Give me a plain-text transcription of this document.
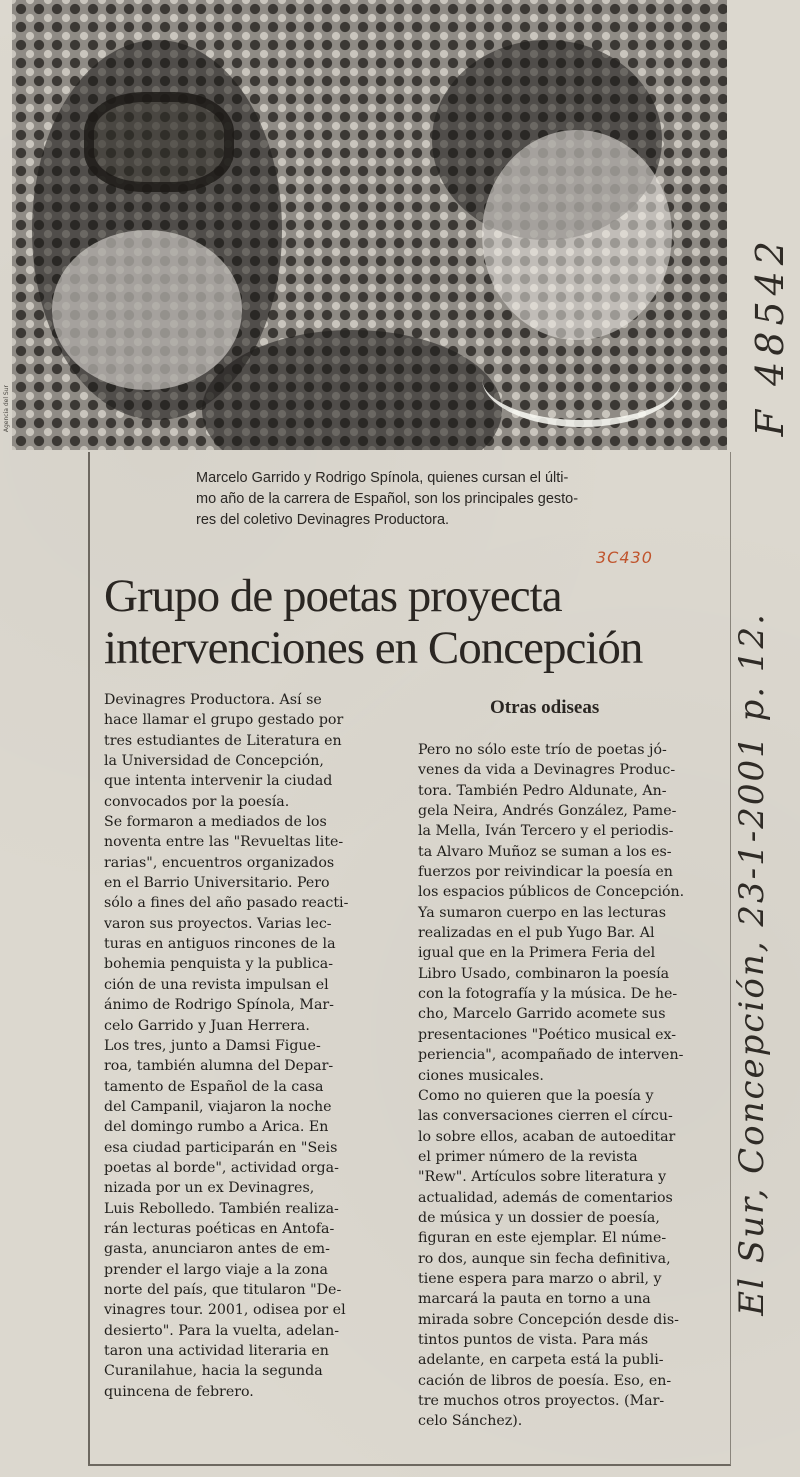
Agencia del Sur
Marcelo Garrido y Rodrigo Spínola, quienes cursan el últi-
mo año de la carrera de Español, son los principales gesto-
res del coletivo Devinagres Productora.
F 48542
El Sur, Concepción, 23-1-2001 p. 12.
3C430
Grupo de poetas proyecta
intervenciones en Concepción
Devinagres Productora. Así se
hace llamar el grupo gestado por
tres estudiantes de Literatura en
la Universidad de Concepción,
que intenta intervenir la ciudad
convocados por la poesía.
Se formaron a mediados de los
noventa entre las "Revueltas lite-
rarias", encuentros organizados
en el Barrio Universitario. Pero
sólo a fines del año pasado reacti-
varon sus proyectos. Varias lec-
turas en antiguos rincones de la
bohemia penquista y la publica-
ción de una revista impulsan el
ánimo de Rodrigo Spínola, Mar-
celo Garrido y Juan Herrera.
Los tres, junto a Damsi Figue-
roa, también alumna del Depar-
tamento de Español de la casa
del Campanil, viajaron la noche
del domingo rumbo a Arica. En
esa ciudad participarán en "Seis
poetas al borde", actividad orga-
nizada por un ex Devinagres,
Luis Rebolledo. También realiza-
rán lecturas poéticas en Antofa-
gasta, anunciaron antes de em-
prender el largo viaje a la zona
norte del país, que titularon "De-
vinagres tour. 2001, odisea por el
desierto". Para la vuelta, adelan-
taron una actividad literaria en
Curanilahue, hacia la segunda
quincena de febrero.
Otras odiseas
Pero no sólo este trío de poetas jó-
venes da vida a Devinagres Produc-
tora. También Pedro Aldunate, An-
gela Neira, Andrés González, Pame-
la Mella, Iván Tercero y el periodis-
ta Alvaro Muñoz se suman a los es-
fuerzos por reivindicar la poesía en
los espacios públicos de Concepción.
Ya sumaron cuerpo en las lecturas
realizadas en el pub Yugo Bar. Al
igual que en la Primera Feria del
Libro Usado, combinaron la poesía
con la fotografía y la música. De he-
cho, Marcelo Garrido acomete sus
presentaciones "Poético musical ex-
periencia", acompañado de interven-
ciones musicales.
Como no quieren que la poesía y
las conversaciones cierren el círcu-
lo sobre ellos, acaban de autoeditar
el primer número de la revista
"Rew". Artículos sobre literatura y
actualidad, además de comentarios
de música y un dossier de poesía,
figuran en este ejemplar. El núme-
ro dos, aunque sin fecha definitiva,
tiene espera para marzo o abril, y
marcará la pauta en torno a una
mirada sobre Concepción desde dis-
tintos puntos de vista. Para más
adelante, en carpeta está la publi-
cación de libros de poesía. Eso, en-
tre muchos otros proyectos. (Mar-
celo Sánchez).
